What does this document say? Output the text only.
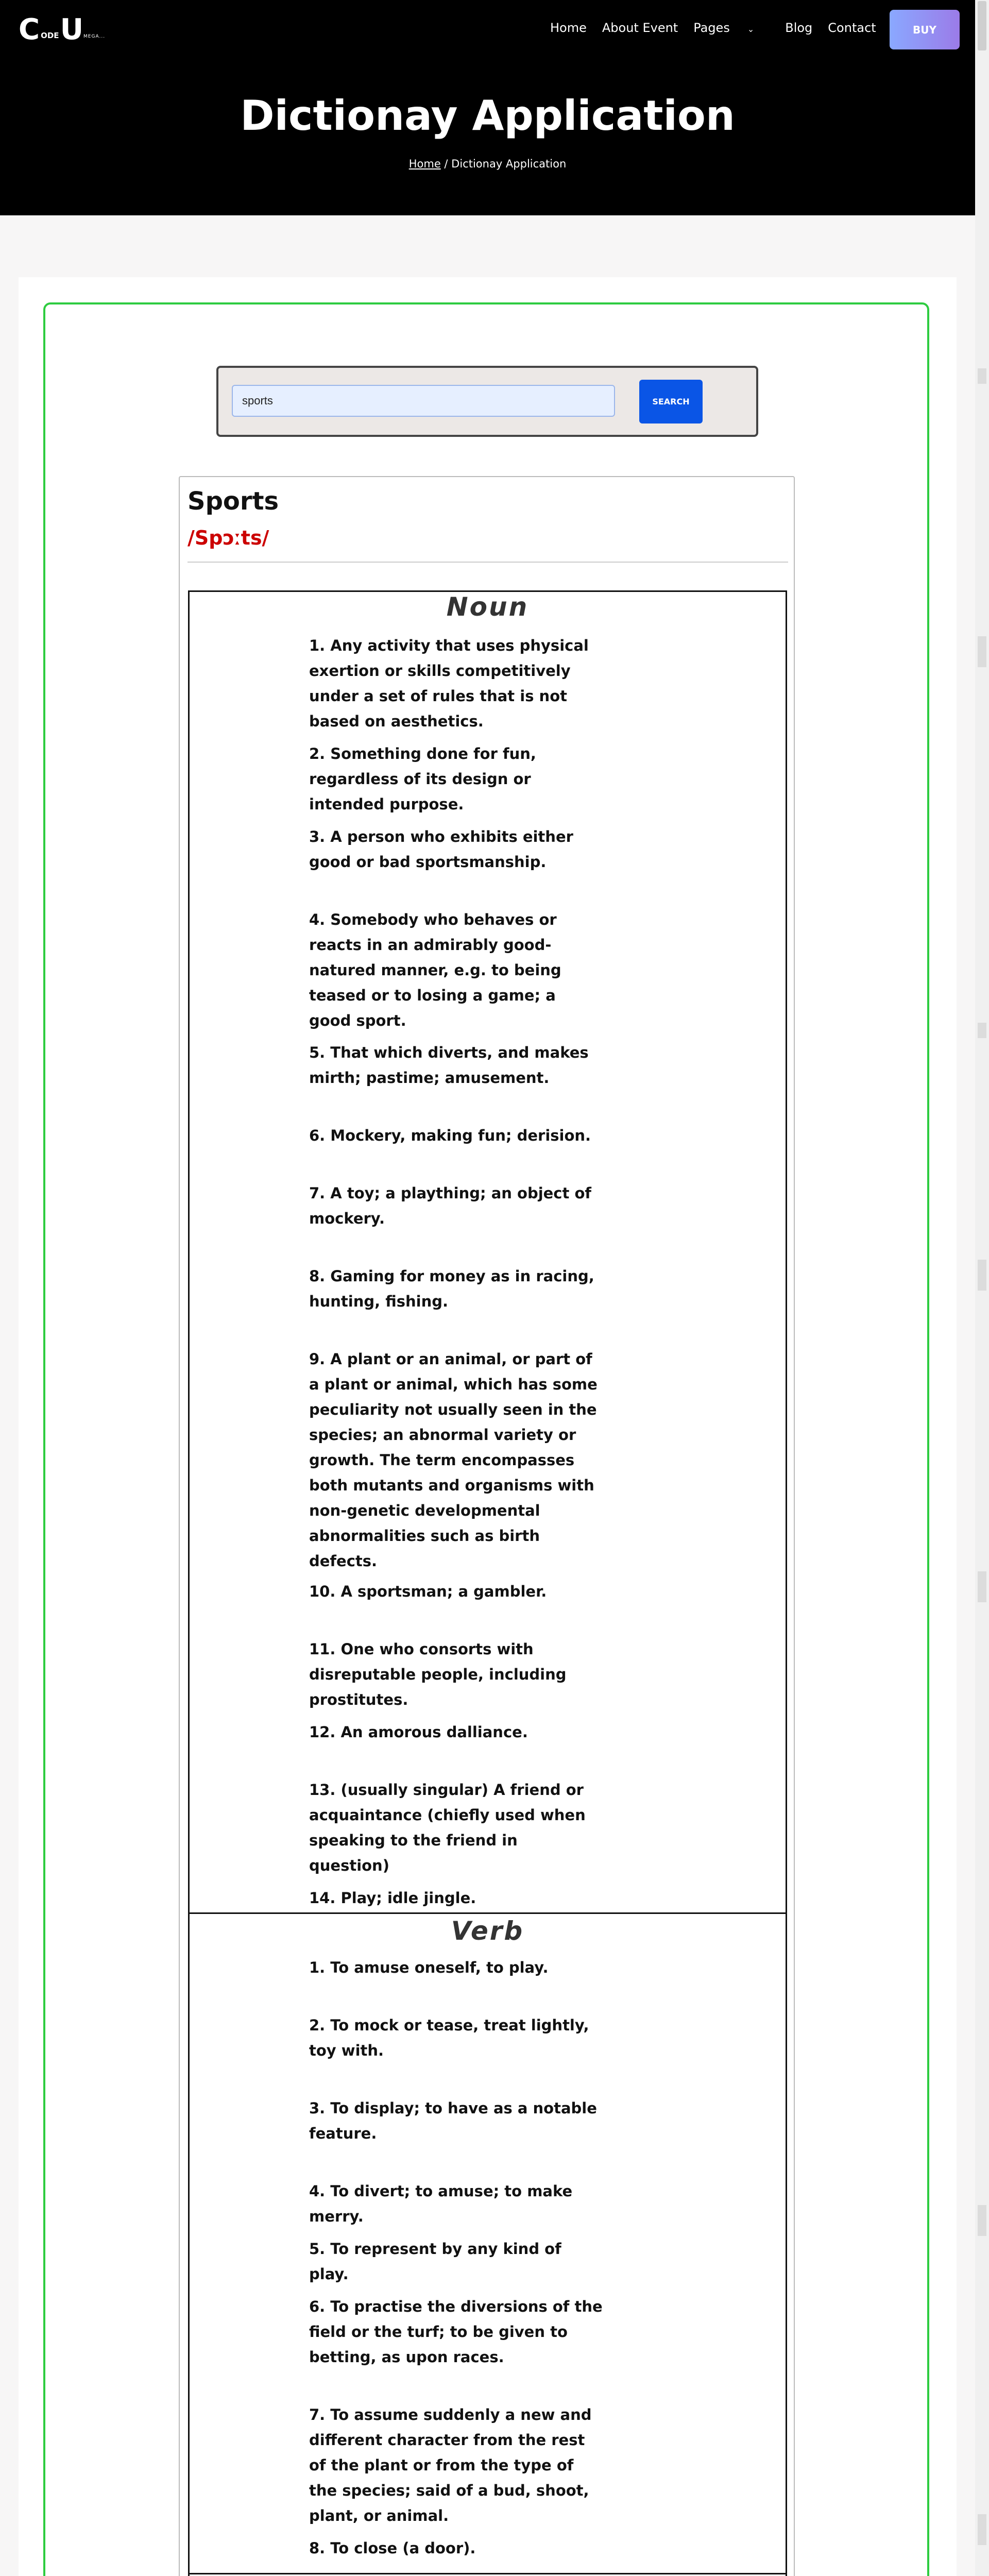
C ODE U MEGA...
Home About Event Pages ⌄	Blog Contact	BUY
Dictionay Application
Home / Dictionay Application
sports
SEARCH
Sports
/Spɔːts/
Noun

1. Any activity that uses physical exertion or skills competitively under a set of rules that is not based on aesthetics.

2. Something done for fun, regardless of its design or intended purpose.

3. A person who exhibits either good or bad sportsmanship.

4. Somebody who behaves or reacts in an admirably good-natured manner, e.g. to being teased or to losing a game; a good sport.

5. That which diverts, and makes mirth; pastime; amusement.

6. Mockery, making fun; derision.

7. A toy; a plaything; an object of mockery.

8. Gaming for money as in racing, hunting, fishing.

9. A plant or an animal, or part of a plant or animal, which has some peculiarity not usually seen in the species; an abnormal variety or growth. The term encompasses both mutants and organisms with non-genetic developmental abnormalities such as birth defects.

10. A sportsman; a gambler.

11. One who consorts with disreputable people, including prostitutes.

12. An amorous dalliance.

13. (usually singular) A friend or acquaintance (chiefly used when speaking to the friend in question)

14. Play; idle jingle.

Verb

1. To amuse oneself, to play.

2. To mock or tease, treat lightly, toy with.

3. To display; to have as a notable feature.

4. To divert; to amuse; to make merry.

5. To represent by any kind of play.

6. To practise the diversions of the field or the turf; to be given to betting, as upon races.

7. To assume suddenly a new and different character from the rest of the plant or from the type of the species; said of a bud, shoot, plant, or animal.

8. To close (a door).
